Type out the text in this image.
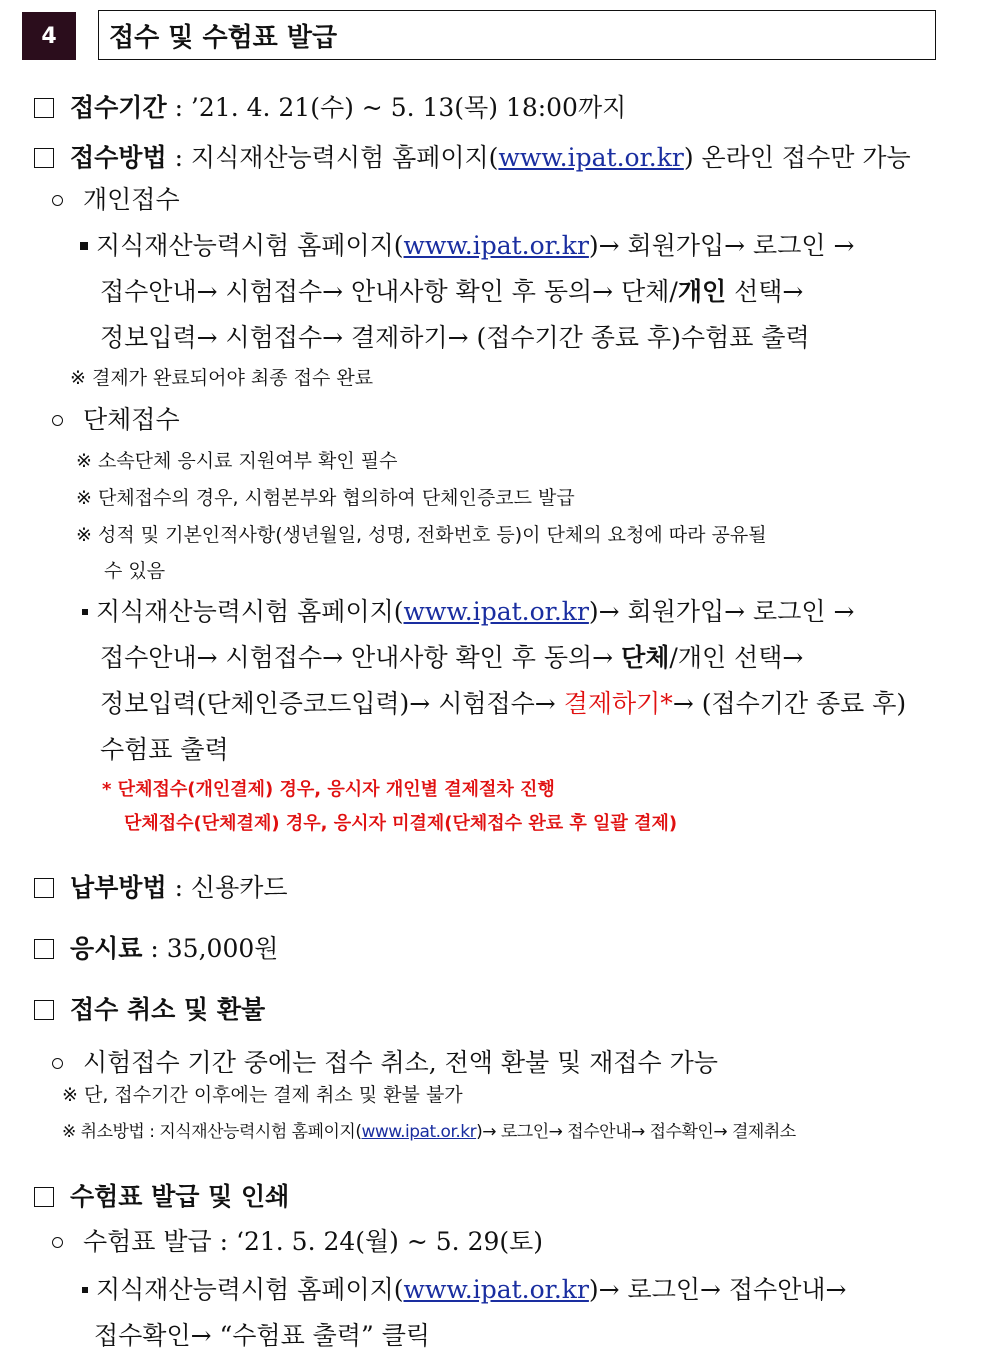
4 접수 및 수험표 발급
접수기간 : ’21. 4. 21(수) ~ 5. 13(목) 18:00까지
접수방법 : 지식재산능력시험 홈페이지(www.ipat.or.kr) 온라인 접수만 가능
개인접수
지식재산능력시험 홈페이지(www.ipat.or.kr)→ 회원가입→ 로그인 →
접수안내→ 시험접수→ 안내사항 확인 후 동의→ 단체/개인 선택→
정보입력→ 시험접수→ 결제하기→ (접수기간 종료 후)수험표 출력
※ 결제가 완료되어야 최종 접수 완료
단체접수
※ 소속단체 응시료 지원여부 확인 필수
※ 단체접수의 경우, 시험본부와 협의하여 단체인증코드 발급
※ 성적 및 기본인적사항(생년월일, 성명, 전화번호 등)이 단체의 요청에 따라 공유될
수 있음
지식재산능력시험 홈페이지(www.ipat.or.kr)→ 회원가입→ 로그인 →
접수안내→ 시험접수→ 안내사항 확인 후 동의→ 단체/개인 선택→
정보입력(단체인증코드입력)→ 시험접수→ 결제하기*→ (접수기간 종료 후)
수험표 출력
* 단체접수(개인결제) 경우, 응시자 개인별 결제절차 진행
단체접수(단체결제) 경우, 응시자 미결제(단체접수 완료 후 일괄 결제)
납부방법 : 신용카드
응시료 : 35,000원
접수 취소 및 환불
시험접수 기간 중에는 접수 취소, 전액 환불 및 재접수 가능
※ 단, 접수기간 이후에는 결제 취소 및 환불 불가
※ 취소방법 : 지식재산능력시험 홈페이지(www.ipat.or.kr)→ 로그인→ 접수안내→ 접수확인→ 결제취소
수험표 발급 및 인쇄
수험표 발급 : ‘21. 5. 24(월) ~ 5. 29(토)
지식재산능력시험 홈페이지(www.ipat.or.kr)→ 로그인→ 접수안내→
접수확인→ “수험표 출력” 클릭
